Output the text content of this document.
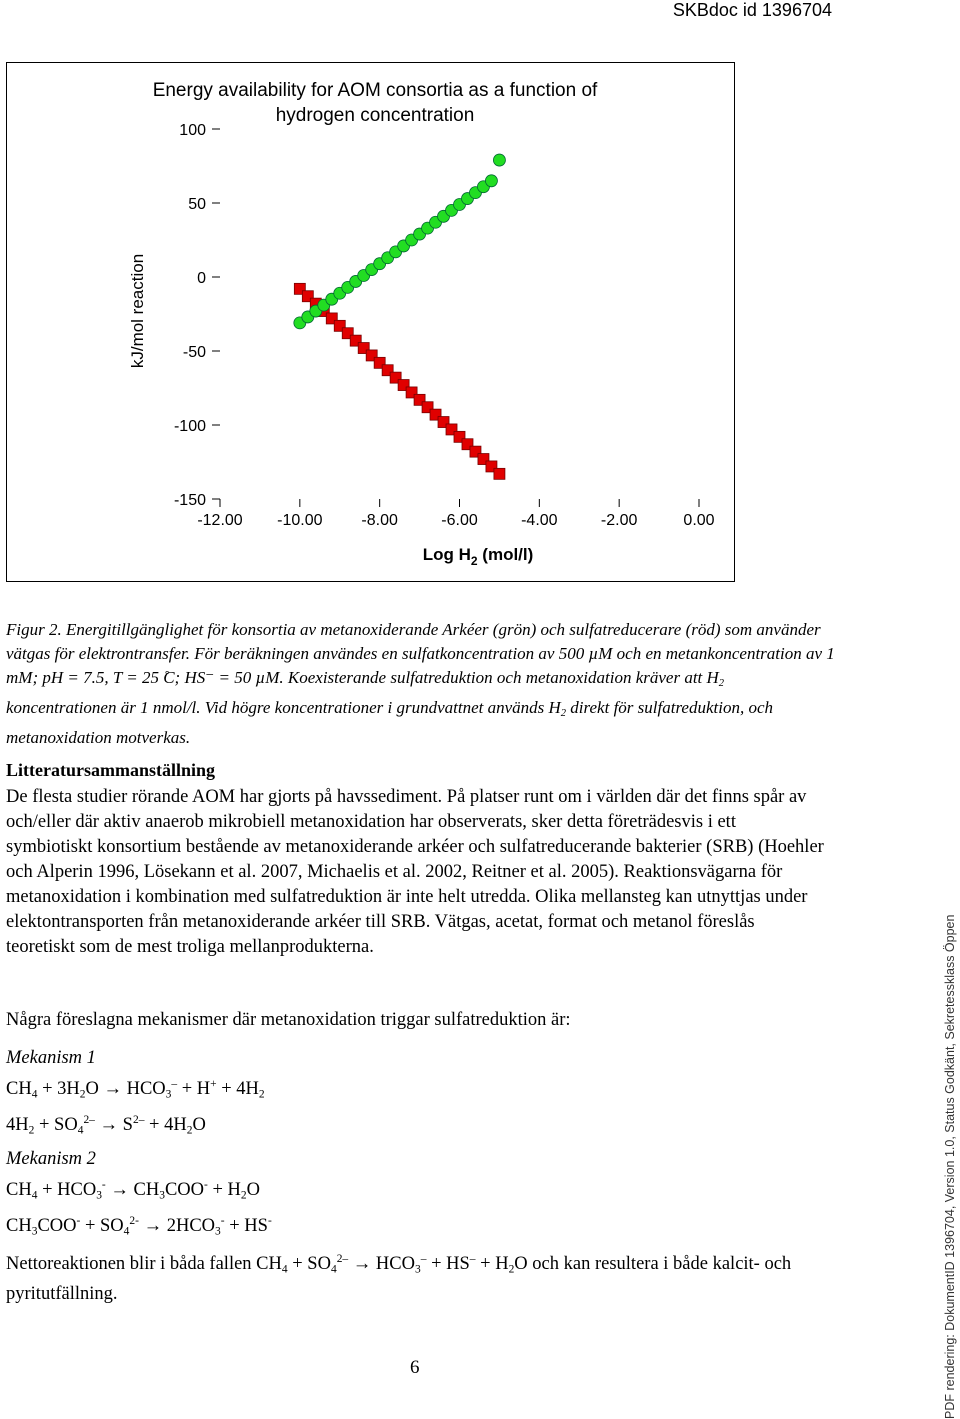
SKBdoc id 1396704
Energy availability for AOM consortia as a function of
hydrogen concentration
100
50
0
-50
-100
-150
-12.00 -10.00 -8.00	-6.00	-4.00	-2.00	0.00
kJ/mol reaction
Log $H_2$ (mol/l)
Figur 2. Energitillgänglighet för konsortia av metanoxiderande Arkéer (grön) och sulfatreducerare (röd) som använder vätgas för elektrontransfer. För beräkningen användes en sulfatkoncentration av 500 µM och en metankoncentration av 1 mM; pH = 7.5, T = 25 ̊C; HS⁻ = 50 µM. Koexisterande sulfatreduktion och metanoxidation kräver att $H_2$ koncentrationen är 1 nmol/l. Vid högre koncentrationer i grundvattnet används $H_2$ direkt för sulfatreduktion, och metanoxidation motverkas.
Litteratursammanställning

De flesta studier rörande AOM har gjorts på havssediment. På platser runt om i världen där det finns spår av och/eller där aktiv anaerob mikrobiell metanoxidation har observerats, sker detta företrädesvis i ett symbiotiskt konsortium bestående av metanoxiderande arkéer och sulfatreducerande bakterier (SRB) (Hoehler och Alperin 1996, Lösekann et al. 2007, Michaelis et al. 2002, Reitner et al. 2005). Reaktionsvägarna för metanoxidation i kombination med sulfatreduktion är inte helt utredda. Olika mellansteg kan utnyttjas under elektontransporten från metanoxiderande arkéer till SRB. Vätgas, acetat, format och metanol föreslås teoretiskt som de mest troliga mellanprodukterna.

Några föreslagna mekanismer där metanoxidation triggar sulfatreduktion är:
Mekanism 1
$CH_4 + 3H_2O \to HCO_3^- + H^+ + 4H_2$
$4H_2 + SO_4^{2-} \to S^{2-} + 4H_2O$
Mekanism 2
$CH_4 + HCO_3^- \to CH_3COO^- + H_2O$
$CH_3COO^- + SO_4^{2-} \to 2HCO_3^- + HS^-$
Nettoreaktionen blir i båda fallen $CH_4 + SO_4^{2-} \to HCO_3^- + HS^- + H_2O$ och kan resultera i både kalcit- och pyritutfällning.
6	PDF rendering: DokumentID 1396704, Version 1.0, Status Godkänt, Sekretessklass Öppen
